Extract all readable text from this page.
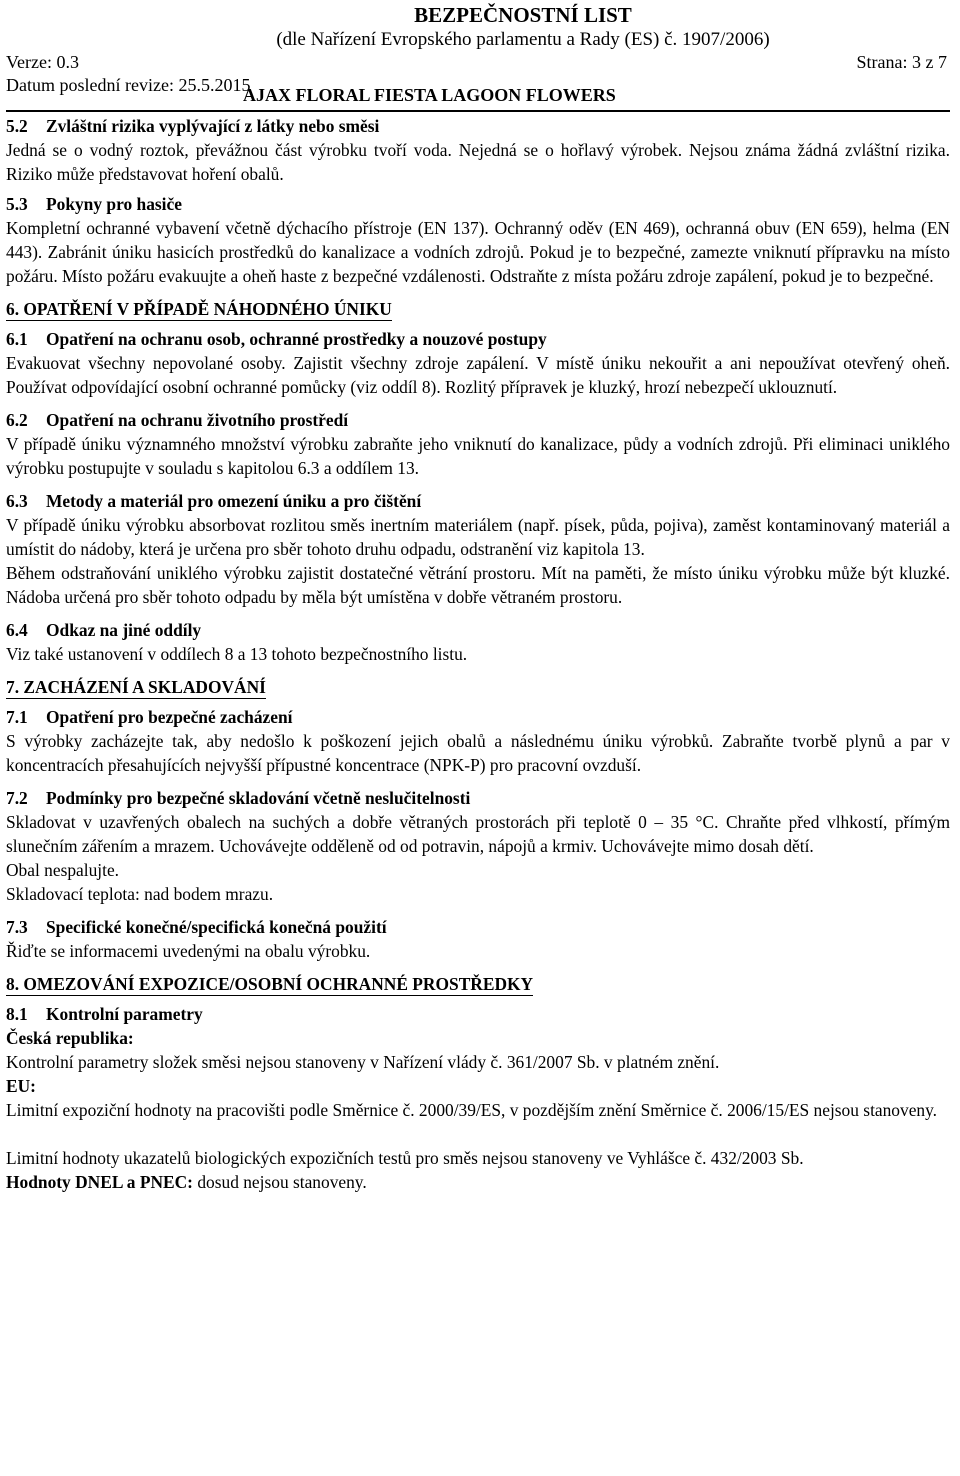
BEZPEČNOSTNÍ LIST
(dle Nařízení Evropského parlamentu a Rady (ES) č. 1907/2006)
Verze: 0.3	Strana: 3 z 7
Datum poslední revize: 25.5.2015
AJAX FLORAL FIESTA LAGOON FLOWERS
5.2 Zvláštní rizika vyplývající z látky nebo směsi

Jedná se o vodný roztok, převážnou část výrobku tvoří voda. Nejedná se o hořlavý výrobek. Nejsou známa žádná zvláštní rizika. Riziko může představovat hoření obalů.

5.3 Pokyny pro hasiče

Kompletní ochranné vybavení včetně dýchacího přístroje (EN 137). Ochranný oděv (EN 469), ochranná obuv (EN 659), helma (EN 443). Zabránit úniku hasicích prostředků do kanalizace a vodních zdrojů. Pokud je to bezpečné, zamezte vniknutí přípravku na místo požáru. Místo požáru evakuujte a oheň haste z bezpečné vzdálenosti. Odstraňte z místa požáru zdroje zapálení, pokud je to bezpečné.

6. OPATŘENÍ V PŘÍPADĚ NÁHODNÉHO ÚNIKU
6.1 Opatření na ochranu osob, ochranné prostředky a nouzové postupy

Evakuovat všechny nepovolané osoby. Zajistit všechny zdroje zapálení. V místě úniku nekouřit a ani nepoužívat otevřený oheň. Používat odpovídající osobní ochranné pomůcky (viz oddíl 8). Rozlitý přípravek je kluzký, hrozí nebezpečí uklouznutí.

6.2 Opatření na ochranu životního prostředí

V případě úniku významného množství výrobku zabraňte jeho vniknutí do kanalizace, půdy a vodních zdrojů. Při eliminaci uniklého výrobku postupujte v souladu s kapitolou 6.3 a oddílem 13.

6.3 Metody a materiál pro omezení úniku a pro čištění

V případě úniku výrobku absorbovat rozlitou směs inertním materiálem (např. písek, půda, pojiva), zaměst kontaminovaný materiál a umístit do nádoby, která je určena pro sběr tohoto druhu odpadu, odstranění viz kapitola 13.

Během odstraňování uniklého výrobku zajistit dostatečné větrání prostoru. Mít na paměti, že místo úniku výrobku může být kluzké. Nádoba určená pro sběr tohoto odpadu by měla být umístěna v dobře větraném prostoru.

6.4 Odkaz na jiné oddíly

Viz také ustanovení v oddílech 8 a 13 tohoto bezpečnostního listu.

7. ZACHÁZENÍ A SKLADOVÁNÍ
7.1 Opatření pro bezpečné zacházení

S výrobky zacházejte tak, aby nedošlo k poškození jejich obalů a následnému úniku výrobků. Zabraňte tvorbě plynů a par v koncentracích přesahujících nejvyšší přípustné koncentrace (NPK-P) pro pracovní ovzduší.

7.2 Podmínky pro bezpečné skladování včetně neslučitelnosti

Skladovat v uzavřených obalech na suchých a dobře větraných prostorách při teplotě 0 – 35 °C. Chraňte před vlhkostí, přímým slunečním zářením a mrazem. Uchovávejte odděleně od od potravin, nápojů a krmiv. Uchovávejte mimo dosah dětí.

Obal nespalujte.

Skladovací teplota: nad bodem mrazu.

7.3 Specifické konečné/specifická konečná použití

Řiďte se informacemi uvedenými na obalu výrobku.

8. OMEZOVÁNÍ EXPOZICE/OSOBNÍ OCHRANNÉ PROSTŘEDKY
8.1 Kontrolní parametry

Česká republika:

Kontrolní parametry složek směsi nejsou stanoveny v Nařízení vlády č. 361/2007 Sb. v platném znění.

EU:

Limitní expoziční hodnoty na pracovišti podle Směrnice č. 2000/39/ES, v pozdějším znění Směrnice č. 2006/15/ES nejsou stanoveny.

Limitní hodnoty ukazatelů biologických expozičních testů pro směs nejsou stanoveny ve Vyhlášce č. 432/2003 Sb.

Hodnoty DNEL a PNEC: dosud nejsou stanoveny.
